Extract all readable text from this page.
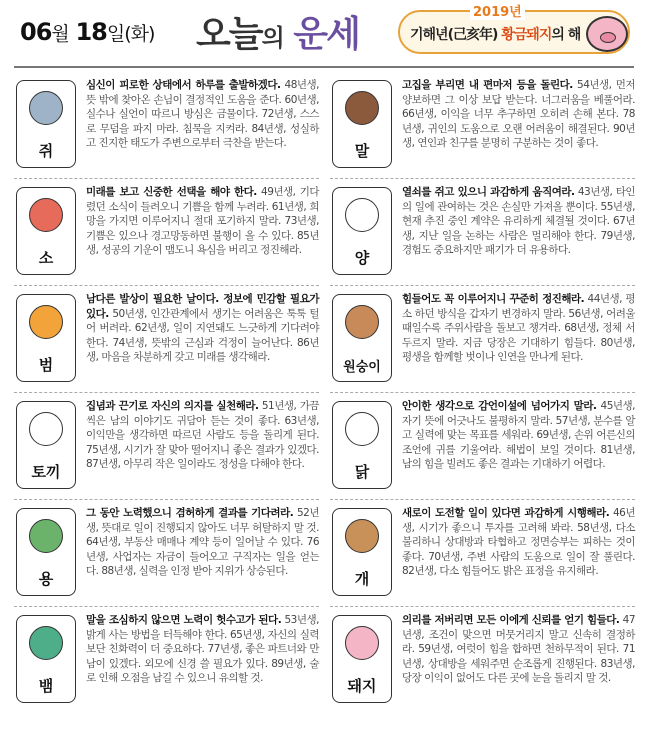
06월 18일(화) 오늘의 운세
2019년
기해년(己亥年) 황금돼지의 해
쥐
심신이 피로한 상태에서 하루를 출발하겠다. 48년생, 뜻 밖에 찾아온 손님이 결정적인 도움을 준다. 60년생, 실수나 실언이 따르니 방심은 금물이다. 72년생, 스스로 무덤을 파지 마라. 침묵을 지켜라. 84년생, 성실하고 진지한 태도가 주변으로부터 극찬을 받는다.
소
미래를 보고 신중한 선택을 해야 한다. 49년생, 기다렸던 소식이 들려오니 기쁨을 함께 누려라. 61년생, 희망을 가지면 이루어지니 절대 포기하지 말라. 73년생, 기쁨은 있으나 경고망동하면 불행이 올 수 있다. 85년생, 성공의 기운이 맴도니 욕심을 버리고 정진해라.
범
남다른 발상이 필요한 날이다. 정보에 민감할 필요가 있다. 50년생, 인간관계에서 생기는 어려움은 툭툭 털어 버려라. 62년생, 일이 지연돼도 느긋하게 기다려야 한다. 74년생, 뜻밖의 근심과 걱정이 늘어난다. 86년생, 마음을 차분하게 갖고 미래를 생각해라.
토끼
집념과 끈기로 자신의 의지를 실천해라. 51년생, 가끔씩은 남의 이야기도 귀담아 듣는 것이 좋다. 63년생, 이익만을 생각하면 따르던 사람도 등을 돌리게 된다. 75년생, 시기가 잘 맞아 떨어지니 좋은 결과가 있겠다. 87년생, 아무리 작은 일이라도 정성을 다해야 한다.
용
그 동안 노력했으니 겸허하게 결과를 기다려라. 52년생, 뜻대로 일이 진행되지 않아도 너무 허탈하지 말 것. 64년생, 부동산 매매나 계약 등이 일어날 수 있다. 76년생, 사업자는 자금이 들어오고 구직자는 일을 얻는다. 88년생, 실력을 인정 받아 지위가 상승된다.
뱀
말을 조심하지 않으면 노력이 헛수고가 된다. 53년생, 밝게 사는 방법을 터득해야 한다. 65년생, 자신의 실력보단 친화력이 더 중요하다. 77년생, 좋은 파트너와 만남이 있겠다. 외모에 신경 쓸 필요가 있다. 89년생, 술로 인해 오점을 남길 수 있으니 유의할 것.
말
고집을 부리면 내 편마저 등을 돌린다. 54년생, 먼저 양보하면 그 이상 보답 받는다. 너그러움을 베풀어라. 66년생, 이익을 너무 추구하면 오히려 손해 본다. 78년생, 귀인의 도움으로 오랜 어려움이 해결된다. 90년생, 연인과 친구를 분명히 구분하는 것이 좋다.
양
열쇠를 쥐고 있으니 과감하게 움직여라. 43년생, 타인의 일에 관여하는 것은 손실만 가져올 뿐이다. 55년생, 현재 추진 중인 계약은 유리하게 체결될 것이다. 67년생, 지난 일을 논하는 사람은 멀리해야 한다. 79년생, 경험도 중요하지만 패기가 더 유용하다.
원숭이
힘들어도 꼭 이루어지니 꾸준히 정진해라. 44년생, 평소 하던 방식을 갑자기 변경하지 말라. 56년생, 어려울 때일수록 주위사람을 돌보고 챙겨라. 68년생, 정체 서두르지 말라. 지금 당장은 기대하기 힘들다. 80년생, 평생을 함께할 벗이나 인연을 만나게 된다.
닭
안이한 생각으로 감언이설에 넘어가지 말라. 45년생, 자기 뜻에 어긋나도 불평하지 말라. 57년생, 분수를 알고 실력에 맞는 목표를 세워라. 69년생, 손위 어른신의 조언에 귀를 기울여라. 해법이 보일 것이다. 81년생, 남의 힘을 빌려도 좋은 결과는 기대하기 어렵다.
개
새로이 도전할 일이 있다면 과감하게 시행해라. 46년생, 시기가 좋으니 투자를 고려해 봐라. 58년생, 다소 불리하니 상대방과 타협하고 정면승부는 피하는 것이 좋다. 70년생, 주변 사람의 도움으로 일이 잘 풀린다. 82년생, 다소 힘들어도 밝은 표정을 유지해라.
돼지
의리를 저버리면 모든 이에게 신뢰를 얻기 힘들다. 47년생, 조건이 맞으면 머뭇거리지 말고 신속히 결정하라. 59년생, 여럿이 힘을 합하면 천하무적이 된다. 71년생, 상대방을 세워주면 순조롭게 진행된다. 83년생, 당장 이익이 없어도 다른 곳에 눈을 돌리지 말 것.
